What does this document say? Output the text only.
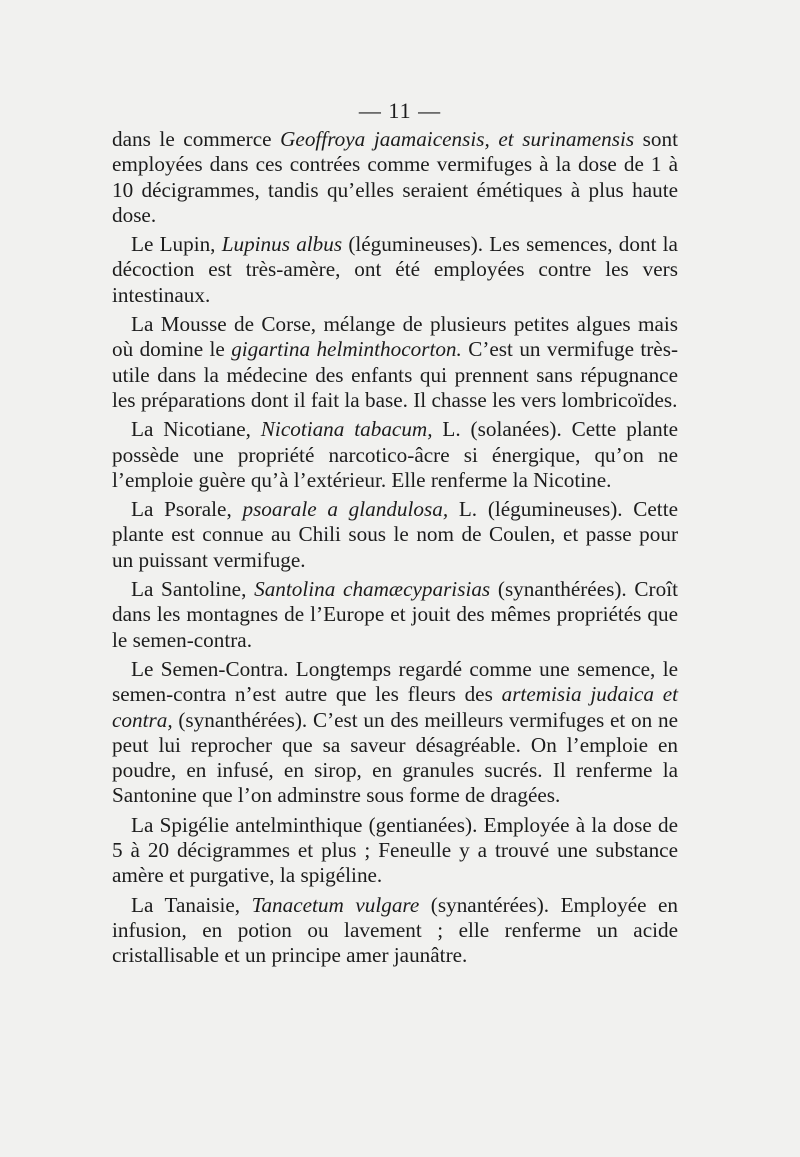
— 11 —

dans le commerce Geoffroya jaamaicensis, et surinamensis sont employées dans ces contrées comme vermifuges à la dose de 1 à 10 décigrammes, tandis qu’elles seraient émétiques à plus haute dose.

Le Lupin, Lupinus albus (légumineuses). Les semences, dont la décoction est très-amère, ont été employées contre les vers intestinaux.

La Mousse de Corse, mélange de plusieurs petites algues mais où domine le gigartina helminthocorton. C’est un vermifuge très-utile dans la médecine des enfants qui prennent sans répugnance les préparations dont il fait la base. Il chasse les vers lombricoïdes.

La Nicotiane, Nicotiana tabacum, L. (solanées). Cette plante possède une propriété narcotico-âcre si énergique, qu’on ne l’emploie guère qu’à l’extérieur. Elle renferme la Nicotine.

La Psorale, psoarale a glandulosa, L. (légumineuses). Cette plante est connue au Chili sous le nom de Coulen, et passe pour un puissant vermifuge.

La Santoline, Santolina chamæcyparisias (synanthérées). Croît dans les montagnes de l’Europe et jouit des mêmes propriétés que le semen-contra.

Le Semen-Contra. Longtemps regardé comme une semence, le semen-contra n’est autre que les fleurs des artemisia judaica et contra, (synanthérées). C’est un des meilleurs vermifuges et on ne peut lui reprocher que sa saveur désagréable. On l’emploie en poudre, en infusé, en sirop, en granules sucrés. Il renferme la Santonine que l’on adminstre sous forme de dragées.

La Spigélie antelminthique (gentianées). Employée à la dose de 5 à 20 décigrammes et plus ; Feneulle y a trouvé une substance amère et purgative, la spigéline.

La Tanaisie, Tanacetum vulgare (synantérées). Employée en infusion, en potion ou lavement ; elle renferme un acide cristallisable et un principe amer jaunâtre.
